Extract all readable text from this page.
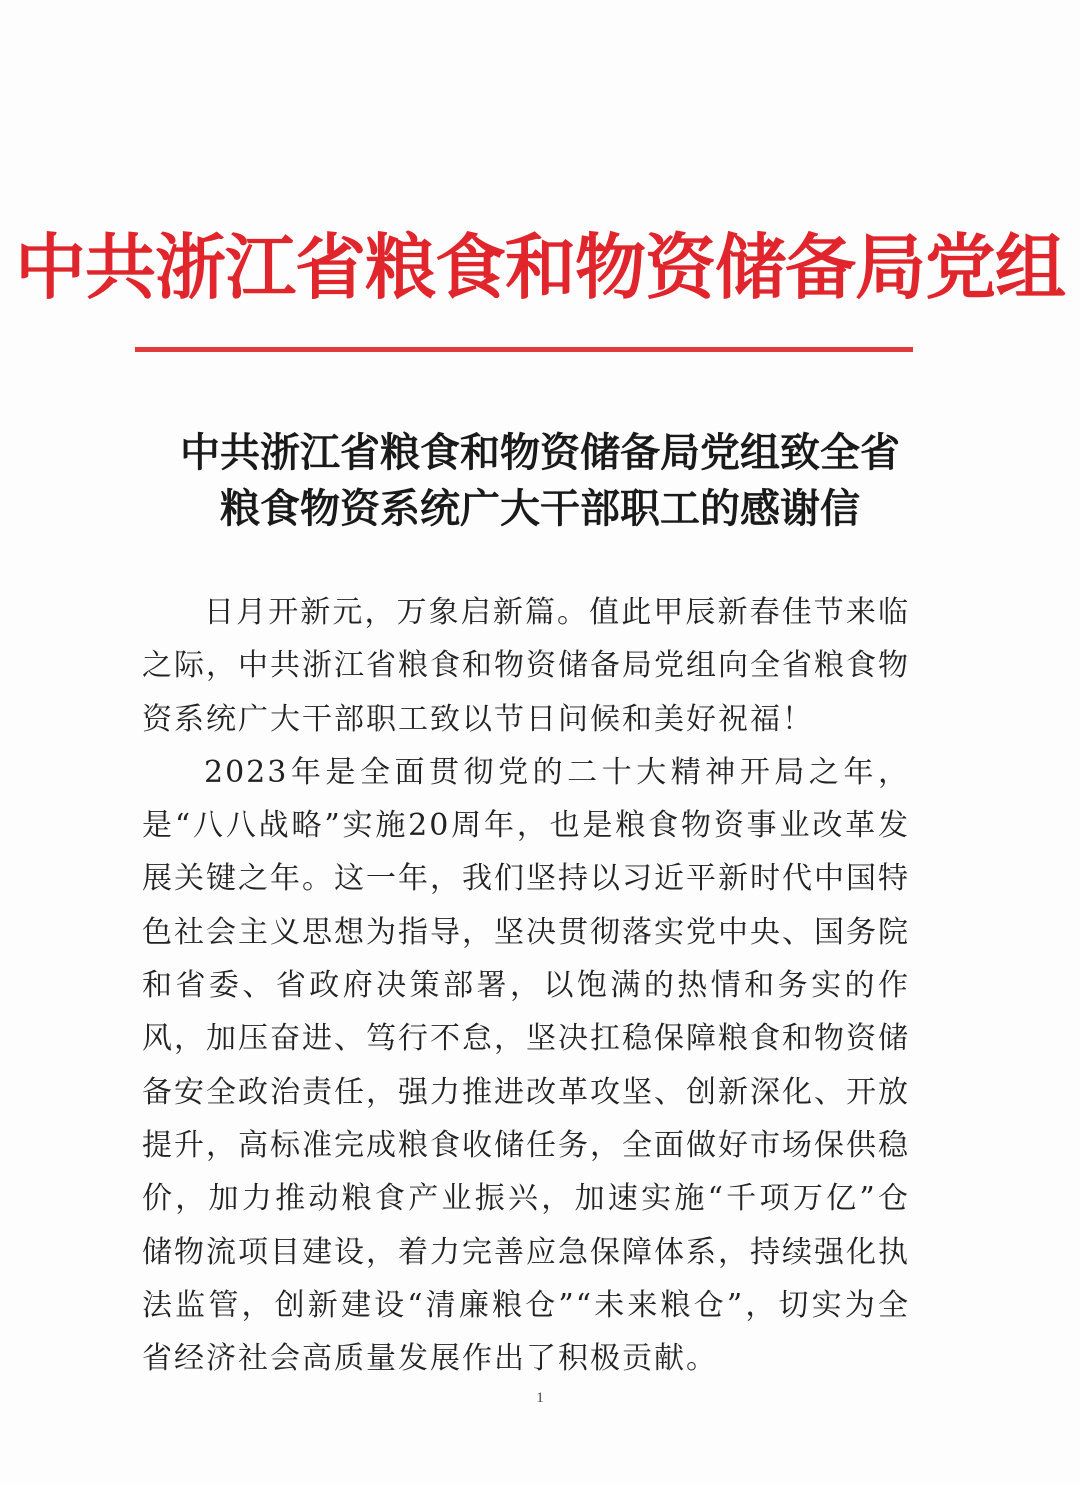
中共浙江省粮食和物资储备局党组
中共浙江省粮食和物资储备局党组致全省
粮食物资系统广大干部职工的感谢信

日月开新元，万象启新篇。值此甲辰新春佳节来临之际，中共浙江省粮食和物资储备局党组向全省粮食物资系统广大干部职工致以节日问候和美好祝福！

2023年是全面贯彻党的二十大精神开局之年，是“八八战略”实施20周年，也是粮食物资事业改革发展关键之年。这一年，我们坚持以习近平新时代中国特色社会主义思想为指导，坚决贯彻落实党中央、国务院和省委、省政府决策部署，以饱满的热情和务实的作风，加压奋进、笃行不怠，坚决扛稳保障粮食和物资储备安全政治责任，强力推进改革攻坚、创新深化、开放提升，高标准完成粮食收储任务，全面做好市场保供稳价，加力推动粮食产业振兴，加速实施“千项万亿”仓储物流项目建设，着力完善应急保障体系，持续强化执法监管，创新建设“清廉粮仓”“未来粮仓”，切实为全省经济社会高质量发展作出了积极贡献。

1
